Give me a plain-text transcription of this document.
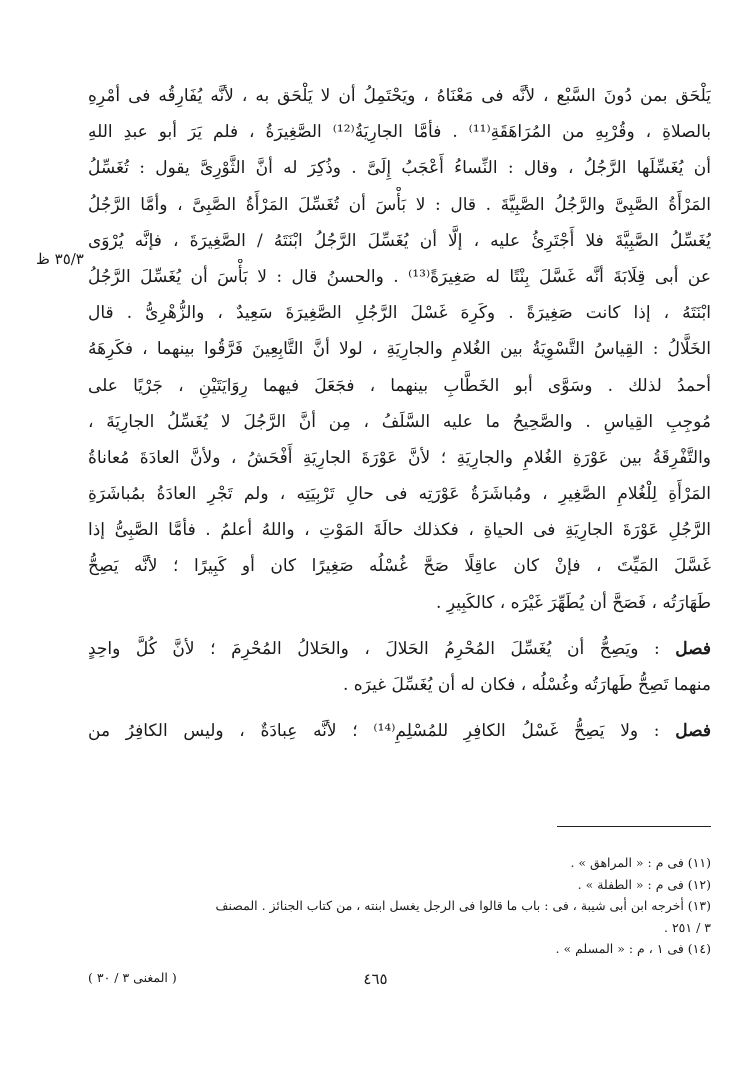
٣٥/٣ ظ
يَلْحَق بمن دُونَ السَّبْع ، لأنَّه فى مَعْنَاهُ ، ويَحْتَمِلُ أن لا يَلْحَق به ، لأنَّه يُفَارِقُه فى أمْرِهِ
بالصلاةِ ، وقُرْبِهِ من المُرَاهَقَةِ⁽¹¹⁾ . فأمَّا الجارِيَةُ⁽¹²⁾ الصَّغِيرَةُ ، فلم يَرَ أبو عبدِ اللهِ
أن يُغَسِّلَها الرَّجُلُ ، وقال : النِّساءُ أَعْجَبُ إِلَىَّ . وذُكِرَ له أنَّ الثَّوْرِىَّ يقول : تُغَسِّلُ
المَرْأَةُ الصَّبِىَّ والرَّجُلُ الصَّبِيَّةَ . قال : لا بَأْسَ أن تُغَسِّلَ المَرْأَةُ الصَّبِىَّ ، وأمَّا الرَّجُلُ
يُغَسِّلُ الصَّبِيَّةَ فلا أَجْتَرِئُ عليه ، إلَّا أن يُغَسِّلَ الرَّجُلُ ابْنَتَهُ / الصَّغِيرَةَ ، فإنَّه يُرْوَى
عن أبى قِلَابَةَ أنَّه غَسَّلَ بِنْتًا له صَغِيرَةً⁽¹³⁾ . والحسنُ قال : لا بَأْسَ أن يُغَسِّلَ الرَّجُلُ
ابْنَتَهُ ، إذا كانت صَغِيرَةً . وكَرِهَ غَسْلَ الرَّجُلِ الصَّغِيرَةَ سَعِيدٌ ، والزُّهْرِىُّ . قال
الخَلَّالُ : القِياسُ التَّسْوِيَةُ بين الغُلامِ والجارِيَةِ ، لولا أنَّ التَّابِعِينَ فَرَّقُوا بينهما ، فكَرِهَهُ
أحمدُ لذلك . وسَوَّى أبو الخَطَّابِ بينهما ، فجَعَلَ فيهما رِوَايَتَيْنِ ، جَرْيًا على
مُوجِبِ القِياسِ . والصَّحِيحُ ما عليه السَّلَفُ ، مِن أنَّ الرَّجُلَ لا يُغَسِّلُ الجارِيَةَ ،
والتَّفْرِقَةُ بين عَوْرَةِ الغُلامِ والجارِيَةِ ؛ لأنَّ عَوْرَةَ الجارِيَةِ أَفْحَشُ ، ولأنَّ العادَةَ مُعاناةُ
المَرْأَةِ لِلْغُلامِ الصَّغِيرِ ، ومُباشَرَةُ عَوْرَتِه فى حالِ تَرْبِيَتِه ، ولم تَجْرِ العادَةُ بمُباشَرَةِ
الرَّجُلِ عَوْرَةَ الجارِيَةِ فى الحياةِ ، فكذلك حالَةَ المَوْتِ ، واللهُ أعلمُ . فأمَّا الصَّبِىُّ إذا
غَسَّلَ المَيِّتَ ، فإنْ كان عاقِلًا صَحَّ غُسْلُه صَغِيرًا كان أو كَبِيرًا ؛ لأنَّه يَصِحُّ
طَهَارَتُه ، فَصَحَّ أن يُطَهِّرَ غَيْرَه ، كالكَبِيرِ .
فصل : ويَصِحُّ أن يُغَسِّلَ المُحْرِمُ الحَلالَ ، والحَلالُ المُحْرِمَ ؛ لأنَّ كُلَّ واحِدٍ
منهما تَصِحُّ طَهارَتُه وغُسْلُه ، فكان له أن يُغَسِّلَ غيرَه .
فصل : ولا يَصِحُّ غَسْلُ الكافِرِ للمُسْلِمِ⁽¹⁴⁾ ؛ لأنَّه عِبادَةٌ ، وليس الكافِرُ من
(١١) فى م : « المراهق » .
(١٢) فى م : « الطفلة » .
(١٣) أخرجه ابن أبى شيبة ، فى : باب ما قالوا فى الرجل يغسل ابنته ، من كتاب الجنائز . المصنف
٣ / ٢٥١ .
(١٤) فى ١ ، م : « المسلم » .
٤٦٥
( المغنى ٣ / ٣٠ )
